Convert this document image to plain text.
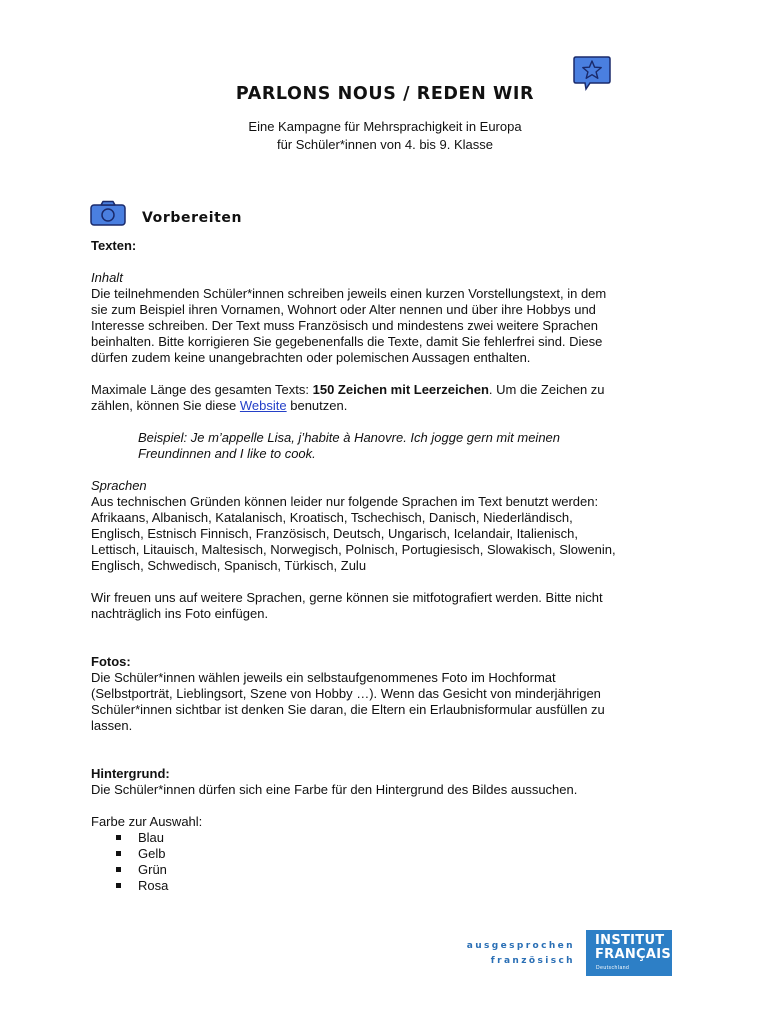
PARLONS NOUS / REDEN WIR
Eine Kampagne für Mehrsprachigkeit in Europa
für Schüler*innen von 4. bis 9. Klasse
Vorbereiten

Texten:

Inhalt

Die teilnehmenden Schüler*innen schreiben jeweils einen kurzen Vorstellungstext, in dem

sie zum Beispiel ihren Vornamen, Wohnort oder Alter nennen und über ihre Hobbys und

Interesse schreiben. Der Text muss Französisch und mindestens zwei weitere Sprachen

beinhalten. Bitte korrigieren Sie gegebenenfalls die Texte, damit Sie fehlerfrei sind. Diese

dürfen zudem keine unangebrachten oder polemischen Aussagen enthalten.

Maximale Länge des gesamten Texts: 150 Zeichen mit Leerzeichen. Um die Zeichen zu

zählen, können Sie diese Website benutzen.

Beispiel: Je m’appelle Lisa, j’habite à Hanovre. Ich jogge gern mit meinen

Freundinnen and I like to cook.

Sprachen

Aus technischen Gründen können leider nur folgende Sprachen im Text benutzt werden:

Afrikaans, Albanisch, Katalanisch, Kroatisch, Tschechisch, Danisch, Niederländisch,

Englisch, Estnisch Finnisch, Französisch, Deutsch, Ungarisch, Icelandair, Italienisch,

Lettisch, Litauisch, Maltesisch, Norwegisch, Polnisch, Portugiesisch, Slowakisch, Slowenin,

Englisch, Schwedisch, Spanisch, Türkisch, Zulu

Wir freuen uns auf weitere Sprachen, gerne können sie mitfotografiert werden. Bitte nicht

nachträglich ins Foto einfügen.

Fotos:

Die Schüler*innen wählen jeweils ein selbstaufgenommenes Foto im Hochformat

(Selbstporträt, Lieblingsort, Szene von Hobby …). Wenn das Gesicht von minderjährigen

Schüler*innen sichtbar ist denken Sie daran, die Eltern ein Erlaubnisformular ausfüllen zu

lassen.

Hintergrund:

Die Schüler*innen dürfen sich eine Farbe für den Hintergrund des Bildes aussuchen.

Farbe zur Auswahl:

Blau
Gelb
Grün
Rosa
ausgesprochen
französisch
INSTITUT
FRANÇAIS
Deutschland
